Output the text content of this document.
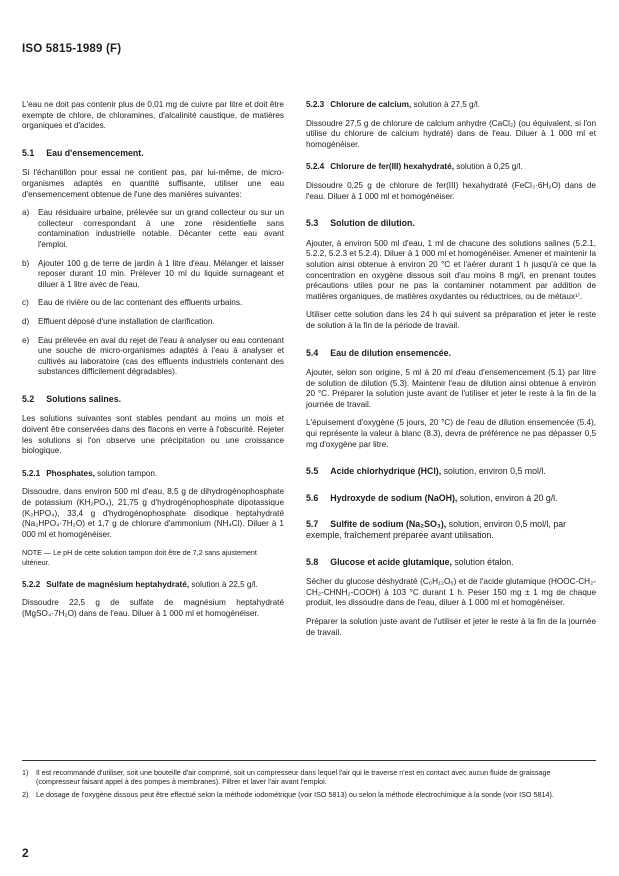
ISO 5815-1989 (F)

L'eau ne doit pas contenir plus de 0,01 mg de cuivre par litre et doit être exempte de chlore, de chloramines, d'alcalinité caustique, de matières organiques et d'acides.

5.1 Eau d'ensemencement.

Si l'échantillon pour essai ne contient pas, par lui-même, de micro-organismes adaptés en quantité suffisante, utiliser une eau d'ensemencement obtenue de l'une des manières suivantes:

a) Eau résiduaire urbaine, prélevée sur un grand collecteur ou sur un collecteur correspondant à une zone résidentielle sans contamination industrielle notable. Décanter cette eau avant l'emploi.
b) Ajouter 100 g de terre de jardin à 1 litre d'eau. Mélanger et laisser reposer durant 10 min. Prélever 10 ml du liquide surnageant et diluer à 1 litre avec de l'eau.
c) Eau de rivière ou de lac contenant des effluents urbains.
d) Effluent déposé d'une installation de clarification.
e) Eau prélevée en aval du rejet de l'eau à analyser ou eau contenant une souche de micro-organismes adaptés à l'eau à analyser et cultivés au laboratoire (cas des effluents industriels contenant des substances difficilement dégradables).
5.2 Solutions salines.

Les solutions suivantes sont stables pendant au moins un mois et doivent être conservées dans des flacons en verre à l'obscurité. Rejeter les solutions si l'on observe une précipitation ou une croissance biologique.

5.2.1 Phosphates, solution tampon.

Dissoudre, dans environ 500 ml d'eau, 8,5 g de dihydrogénophosphate de potassium (KH₂PO₄), 21,75 g d'hydrogénophosphate dipotassique (K₂HPO₄), 33,4 g d'hydrogénophosphate disodique heptahydraté (Na₂HPO₄·7H₂O) et 1,7 g de chlorure d'ammonium (NH₄Cl). Diluer à 1 000 ml et homogénéiser.

NOTE — Le pH de cette solution tampon doit être de 7,2 sans ajustement ultérieur.
5.2.2 Sulfate de magnésium heptahydraté, solution à 22,5 g/l.

Dissoudre 22,5 g de sulfate de magnésium heptahydraté (MgSO₄·7H₂O) dans de l'eau. Diluer à 1 000 ml et homogénéiser.

5.2.3 Chlorure de calcium, solution à 27,5 g/l.

Dissoudre 27,5 g de chlorure de calcium anhydre (CaCl₂) (ou équivalent, si l'on utilise du chlorure de calcium hydraté) dans de l'eau. Diluer à 1 000 ml et homogénéiser.

5.2.4 Chlorure de fer(III) hexahydraté, solution à 0,25 g/l.

Dissoudre 0,25 g de chlorure de fer(III) hexahydraté (FeCl₃·6H₂O) dans de l'eau. Diluer à 1 000 ml et homogénéiser.

5.3 Solution de dilution.

Ajouter, à environ 500 ml d'eau, 1 ml de chacune des solutions salines (5.2.1, 5.2.2, 5.2.3 et 5.2.4). Diluer à 1 000 ml et homogénéiser. Amener et maintenir la solution ainsi obtenue à environ 20 °C et l'aérer durant 1 h jusqu'à ce que la concentration en oxygène dissous soit d'au moins 8 mg/l, en prenant toutes précautions utiles pour ne pas la contaminer notamment par addition de matières organiques, de matières oxydantes ou réductrices, ou de métaux¹⁾.

Utiliser cette solution dans les 24 h qui suivent sa préparation et jeter le reste de solution à la fin de la période de travail.

5.4 Eau de dilution ensemencée.

Ajouter, selon son origine, 5 ml à 20 ml d'eau d'ensemencement (5.1) par litre de solution de dilution (5.3). Maintenir l'eau de dilution ainsi obtenue à environ 20 °C. Préparer la solution juste avant de l'utiliser et jeter le reste à la fin de la journée de travail.

L'épuisement d'oxygène (5 jours, 20 °C) de l'eau de dilution ensemencée (5.4), qui représente la valeur à blanc (8.3), devra de préférence ne pas dépasser 0,5 mg d'oxygène par litre.

5.5 Acide chlorhydrique (HCl), solution, environ 0,5 mol/l.
5.6 Hydroxyde de sodium (NaOH), solution, environ à 20 g/l.
5.7 Sulfite de sodium (Na₂SO₃), solution, environ 0,5 mol/l, par exemple, fraîchement préparée avant utilisation.
5.8 Glucose et acide glutamique, solution étalon.

Sécher du glucose déshydraté (C₆H₁₂O₆) et de l'acide glutamique (HOOC-CH₂-CH₂-CHNH₂-COOH) à 103 °C durant 1 h. Peser 150 mg ± 1 mg de chaque produit, les dissoudre dans de l'eau, diluer à 1 000 ml et homogénéiser.

Préparer la solution juste avant de l'utiliser et jeter le reste à la fin de la journée de travail.

1) Il est recommandé d'utiliser, soit une bouteille d'air comprimé, soit un compresseur dans lequel l'air qui le traverse n'est en contact avec aucun fluide de graissage (compresseur faisant appel à des pompes à membranes). Filtrer et laver l'air avant l'emploi.

2) Le dosage de l'oxygène dissous peut être effectué selon la méthode iodométrique (voir ISO 5813) ou selon la méthode électrochimique à la sonde (voir ISO 5814).

2
